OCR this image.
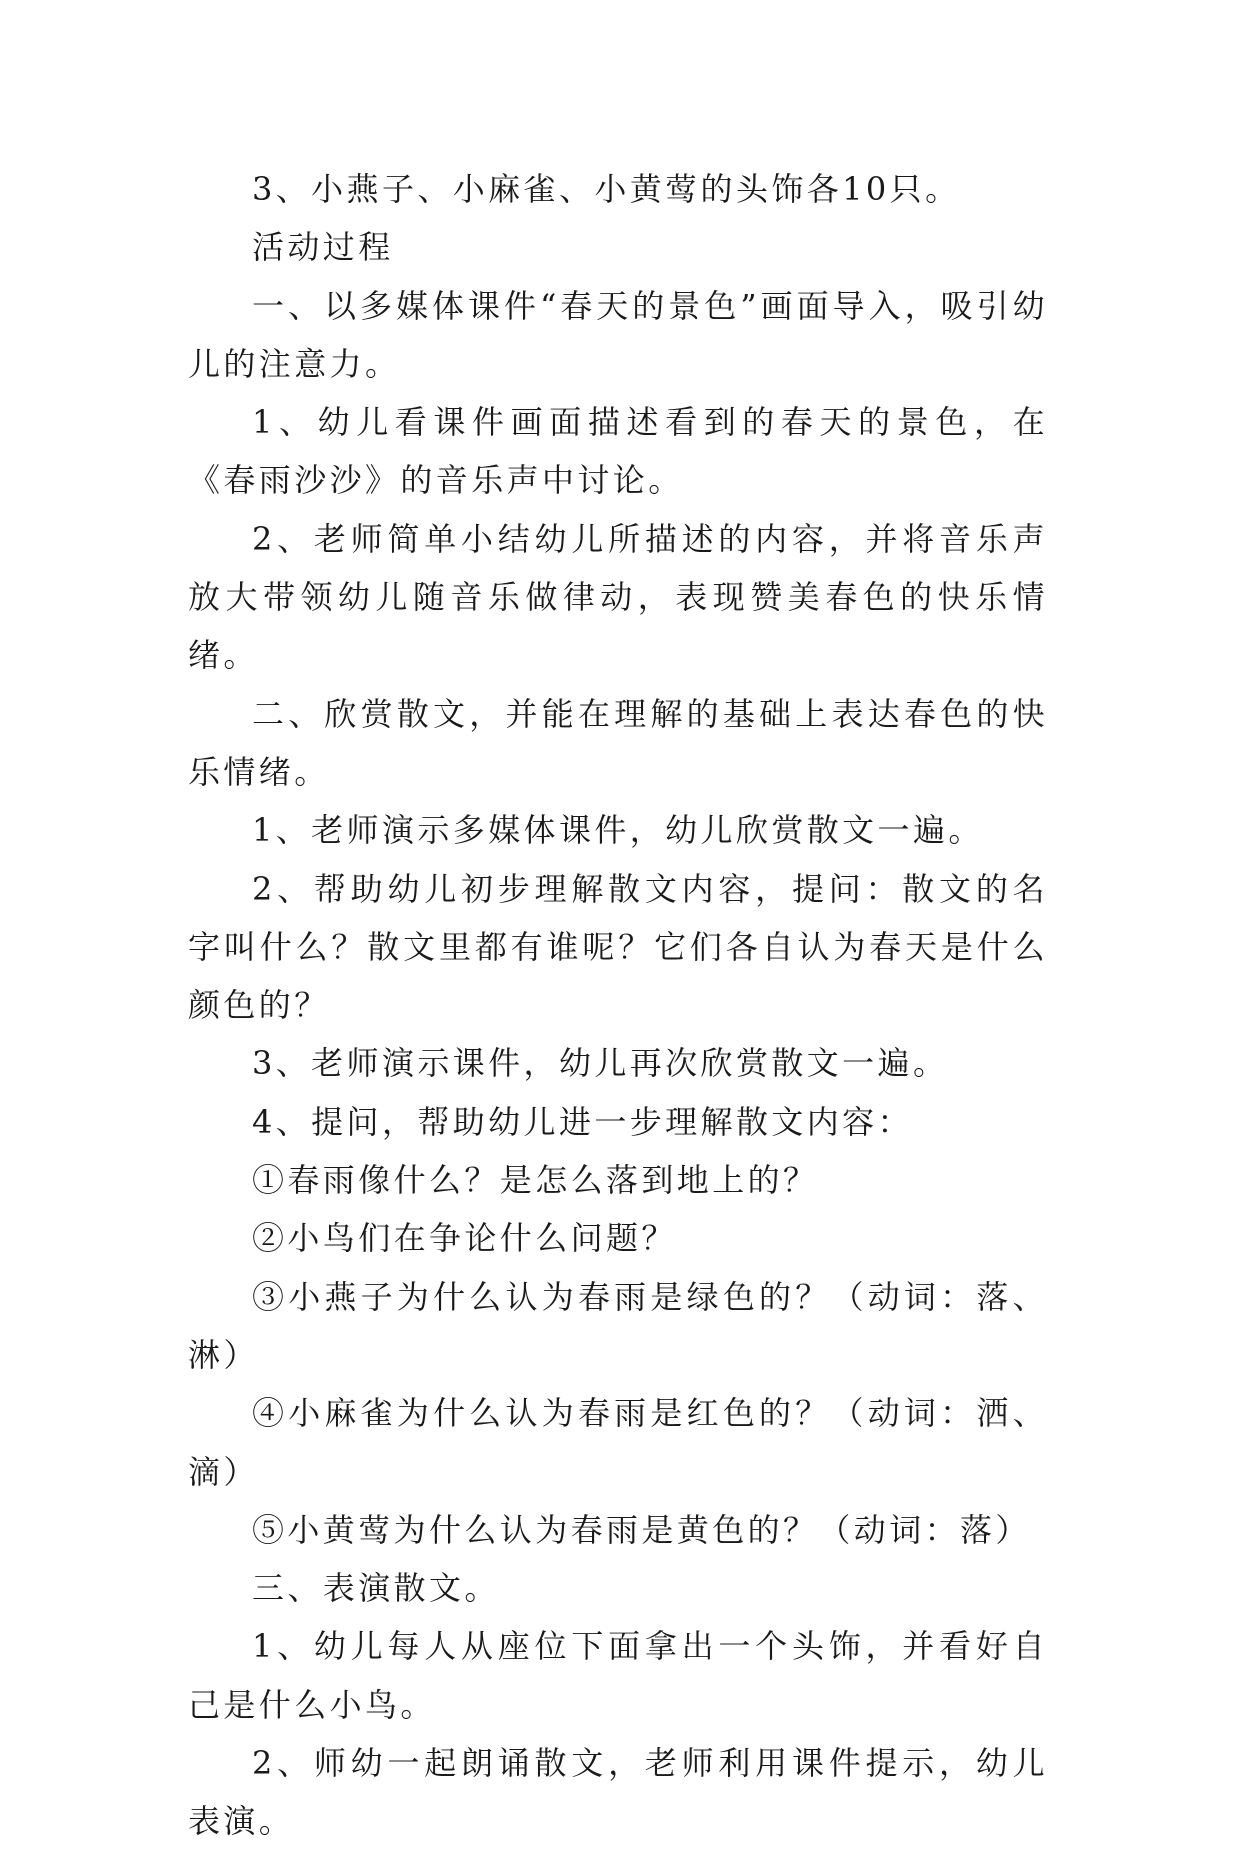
3、小燕子、小麻雀、小黄莺的头饰各10只。

活动过程

一、以多媒体课件“春天的景色”画面导入，吸引幼儿的注意力。

1、幼儿看课件画面描述看到的春天的景色，在《春雨沙沙》的音乐声中讨论。

2、老师简单小结幼儿所描述的内容，并将音乐声放大带领幼儿随音乐做律动，表现赞美春色的快乐情绪。

二、欣赏散文，并能在理解的基础上表达春色的快乐情绪。

1、老师演示多媒体课件，幼儿欣赏散文一遍。

2、帮助幼儿初步理解散文内容，提问：散文的名字叫什么？散文里都有谁呢？它们各自认为春天是什么颜色的？

3、老师演示课件，幼儿再次欣赏散文一遍。

4、提问，帮助幼儿进一步理解散文内容：

①春雨像什么？是怎么落到地上的？

②小鸟们在争论什么问题？

③小燕子为什么认为春雨是绿色的？（动词：落、淋）

④小麻雀为什么认为春雨是红色的？（动词：洒、滴）

⑤小黄莺为什么认为春雨是黄色的？（动词：落）

三、表演散文。

1、幼儿每人从座位下面拿出一个头饰，并看好自己是什么小鸟。

2、师幼一起朗诵散文，老师利用课件提示，幼儿表演。
